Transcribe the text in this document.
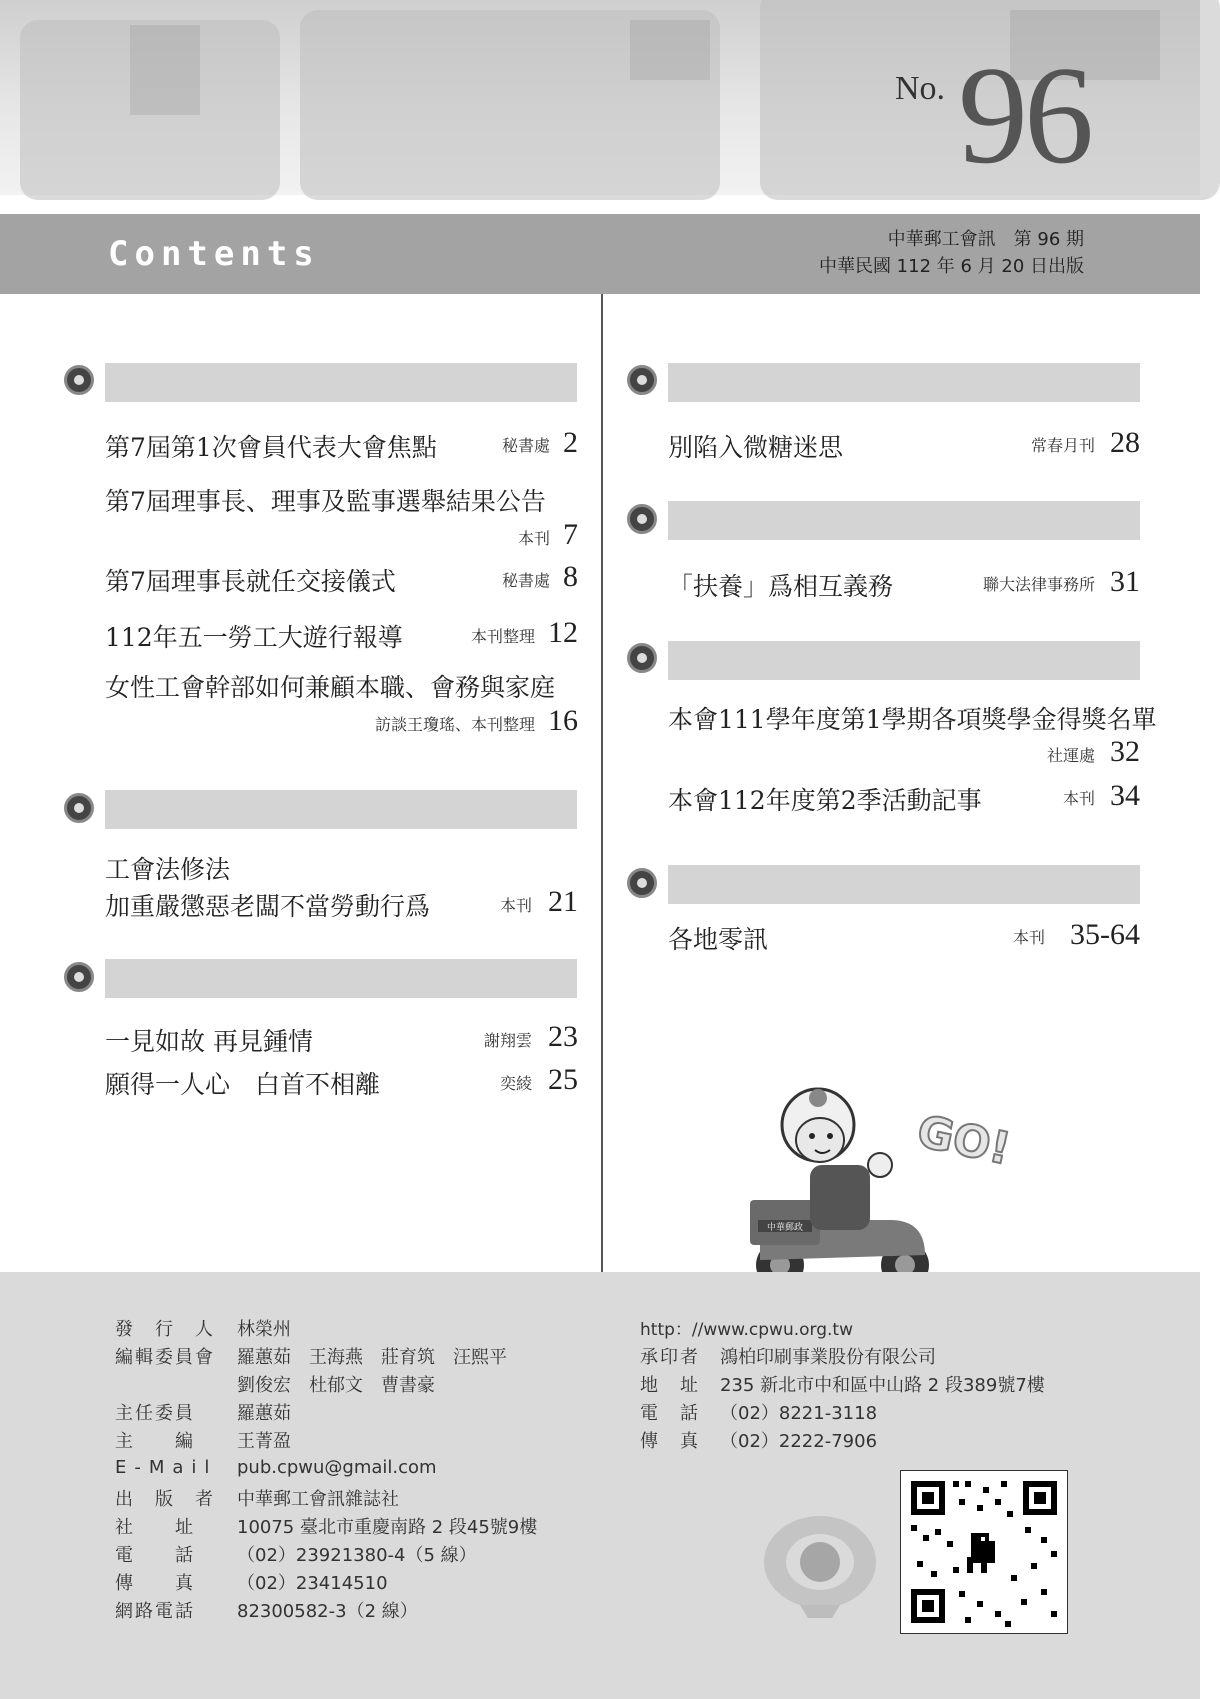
No. 96
Contents	中華郵工會訊　第 96 期
中華民國 112 年 6 月 20 日出版
第7屆第1次會員代表大會焦點	秘書處 2
第7屆理事長、理事及監事選舉結果公告
本刊 7
第7屆理事長就任交接儀式	秘書處 8
112年五一勞工大遊行報導	本刊整理 12
女性工會幹部如何兼顧本職、會務與家庭
訪談王瓊瑤、本刊整理 16
工會法修法
加重嚴懲惡老闆不當勞動行爲	本刊 21
一見如故 再見鍾情	謝翔雲 23
願得一人心　白首不相離	奕綾 25
別陷入微糖迷思	常春月刊 28
「扶養」爲相互義務	聯大法律事務所 31
本會111學年度第1學期各項獎學金得獎名單
社運處 32
本會112年度第2季活動記事	本刊 34
各地零訊	本刊 35-64
中華郵政
GO!
發　行　人 林榮州
編輯委員會 羅蕙茹　王海燕　莊育筑　汪熙平
劉俊宏　杜郁文　曹書豪
主任委員 羅蕙茹
主　　編 王菁盈
E-Mail pub.cpwu@gmail.com
出　版　者 中華郵工會訊雜誌社
社　　址 10075 臺北市重慶南路 2 段45號9樓
電　　話 （02）23921380-4（5 線）
傳　　真 （02）23414510
網路電話 82300582-3（2 線）
http：//www.cpwu.org.tw
承印者 鴻柏印刷事業股份有限公司
地　址 235 新北市中和區中山路 2 段389號7樓
電　話 （02）8221-3118
傳　真 （02）2222-7906
